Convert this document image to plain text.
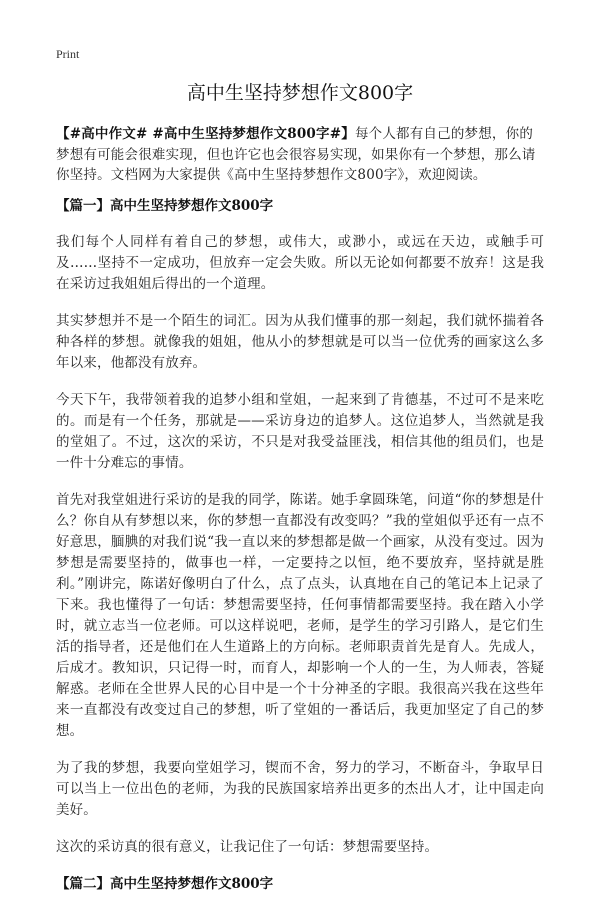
Print
高中生坚持梦想作文800字
【#高中作文# #高中生坚持梦想作文800字#】每个人都有自己的梦想，你的梦想有可能会很难实现，但也许它也会很容易实现，如果你有一个梦想，那么请你坚持。文档网为大家提供《高中生坚持梦想作文800字》，欢迎阅读。
【篇一】高中生坚持梦想作文800字

我们每个人同样有着自己的梦想，或伟大，或渺小，或远在天边，或触手可及……坚持不一定成功，但放弃一定会失败。所以无论如何都要不放弃！这是我在采访过我姐姐后得出的一个道理。

其实梦想并不是一个陌生的词汇。因为从我们懂事的那一刻起，我们就怀揣着各种各样的梦想。就像我的姐姐，他从小的梦想就是可以当一位优秀的画家这么多年以来，他都没有放弃。

今天下午，我带领着我的追梦小组和堂姐，一起来到了肯德基，不过可不是来吃的。而是有一个任务，那就是——采访身边的追梦人。这位追梦人，当然就是我的堂姐了。不过，这次的采访，不只是对我受益匪浅，相信其他的组员们，也是一件十分难忘的事情。

首先对我堂姐进行采访的是我的同学，陈诺。她手拿圆珠笔，问道“你的梦想是什么？你自从有梦想以来，你的梦想一直都没有改变吗？”我的堂姐似乎还有一点不好意思，腼腆的对我们说“我一直以来的梦想都是做一个画家，从没有变过。因为梦想是需要坚持的，做事也一样，一定要持之以恒，绝不要放弃，坚持就是胜利。”刚讲完，陈诺好像明白了什么，点了点头，认真地在自己的笔记本上记录了下来。我也懂得了一句话：梦想需要坚持，任何事情都需要坚持。我在踏入小学时，就立志当一位老师。可以这样说吧，老师，是学生的学习引路人，是它们生活的指导者，还是他们在人生道路上的方向标。老师职责首先是育人。先成人，后成才。教知识，只记得一时，而育人，却影响一个人的一生，为人师表，答疑解惑。老师在全世界人民的心目中是一个十分神圣的字眼。我很高兴我在这些年来一直都没有改变过自己的梦想，听了堂姐的一番话后，我更加坚定了自己的梦想。

为了我的梦想，我要向堂姐学习，锲而不舍，努力的学习，不断奋斗，争取早日可以当上一位出色的老师，为我的民族国家培养出更多的杰出人才，让中国走向美好。

这次的采访真的很有意义，让我记住了一句话：梦想需要坚持。

【篇二】高中生坚持梦想作文800字
